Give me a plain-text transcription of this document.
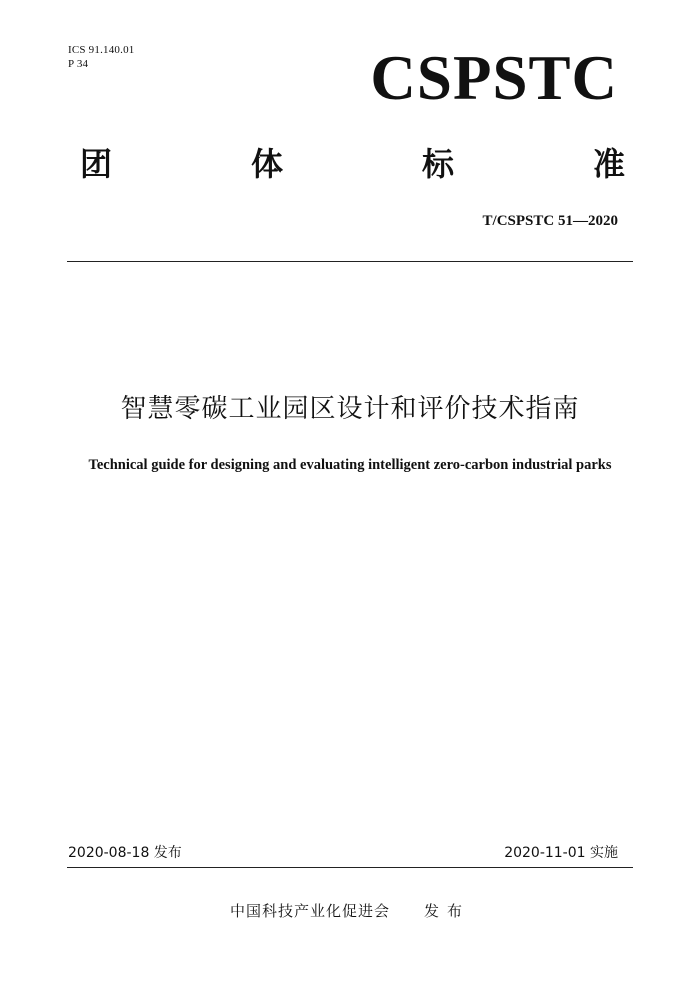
ICS 91.140.01
P 34	CSPSTC
团	体	标	准
T/CSPSTC 51—2020
智慧零碳工业园区设计和评价技术指南
Technical guide for designing and evaluating intelligent zero-carbon industrial parks
2020-08-18 发布	2020-11-01 实施
中国科技产业化促进会 发布
